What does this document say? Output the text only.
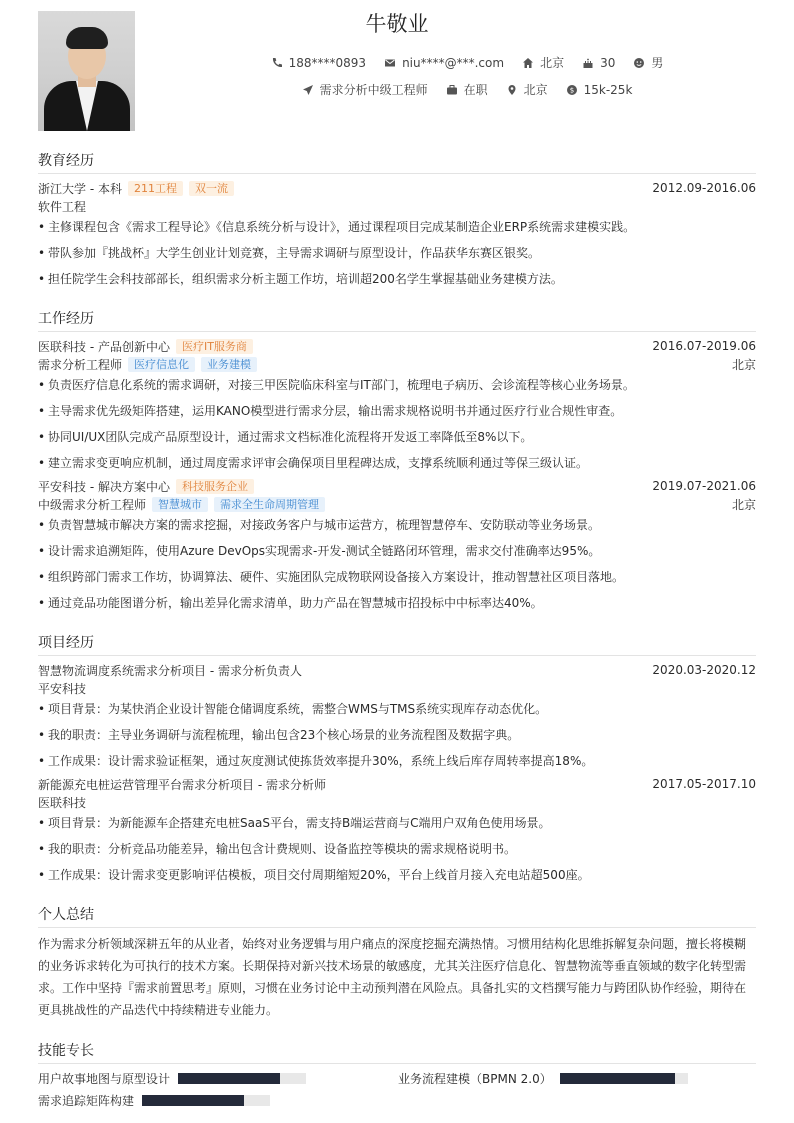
牛敬业
188****0893	niu****@***.com	北京	30	男
需求分析中级工程师	在职	北京	$ 15k-25k
教育经历
浙江大学 - 本科	211工程	双一流	2012.09-2016.06
软件工程
• 主修课程包含《需求工程导论》《信息系统分析与设计》，通过课程项目完成某制造企业ERP系统需求建模实践。
• 带队参加『挑战杯』大学生创业计划竞赛，主导需求调研与原型设计，作品获华东赛区银奖。
• 担任院学生会科技部部长，组织需求分析主题工作坊，培训超200名学生掌握基础业务建模方法。
工作经历
医联科技 - 产品创新中心	医疗IT服务商	2016.07-2019.06
需求分析工程师	医疗信息化	业务建模	北京
• 负责医疗信息化系统的需求调研，对接三甲医院临床科室与IT部门，梳理电子病历、会诊流程等核心业务场景。
• 主导需求优先级矩阵搭建，运用KANO模型进行需求分层，输出需求规格说明书并通过医疗行业合规性审查。
• 协同UI/UX团队完成产品原型设计，通过需求文档标准化流程将开发返工率降低至8%以下。
• 建立需求变更响应机制，通过周度需求评审会确保项目里程碑达成，支撑系统顺利通过等保三级认证。
平安科技 - 解决方案中心	科技服务企业	2019.07-2021.06
中级需求分析工程师	智慧城市	需求全生命周期管理	北京
• 负责智慧城市解决方案的需求挖掘，对接政务客户与城市运营方，梳理智慧停车、安防联动等业务场景。
• 设计需求追溯矩阵，使用Azure DevOps实现需求-开发-测试全链路闭环管理，需求交付准确率达95%。
• 组织跨部门需求工作坊，协调算法、硬件、实施团队完成物联网设备接入方案设计，推动智慧社区项目落地。
• 通过竞品功能图谱分析，输出差异化需求清单，助力产品在智慧城市招投标中中标率达40%。
项目经历
智慧物流调度系统需求分析项目 - 需求分析负责人	2020.03-2020.12
平安科技
• 项目背景：为某快消企业设计智能仓储调度系统，需整合WMS与TMS系统实现库存动态优化。
• 我的职责：主导业务调研与流程梳理，输出包含23个核心场景的业务流程图及数据字典。
• 工作成果：设计需求验证框架，通过灰度测试使拣货效率提升30%，系统上线后库存周转率提高18%。
新能源充电桩运营管理平台需求分析项目 - 需求分析师	2017.05-2017.10
医联科技
• 项目背景：为新能源车企搭建充电桩SaaS平台，需支持B端运营商与C端用户双角色使用场景。
• 我的职责：分析竞品功能差异，输出包含计费规则、设备监控等模块的需求规格说明书。
• 工作成果：设计需求变更影响评估模板，项目交付周期缩短20%，平台上线首月接入充电站超500座。
个人总结
作为需求分析领域深耕五年的从业者，始终对业务逻辑与用户痛点的深度挖掘充满热情。习惯用结构化思维拆解复杂问题，擅长将模糊的业务诉求转化为可执行的技术方案。长期保持对新兴技术场景的敏感度，尤其关注医疗信息化、智慧物流等垂直领域的数字化转型需求。工作中坚持『需求前置思考』原则，习惯在业务讨论中主动预判潜在风险点。具备扎实的文档撰写能力与跨团队协作经验，期待在更具挑战性的产品迭代中持续精进专业能力。
技能专长
用户故事地图与原型设计	业务流程建模（BPMN 2.0）
需求追踪矩阵构建
